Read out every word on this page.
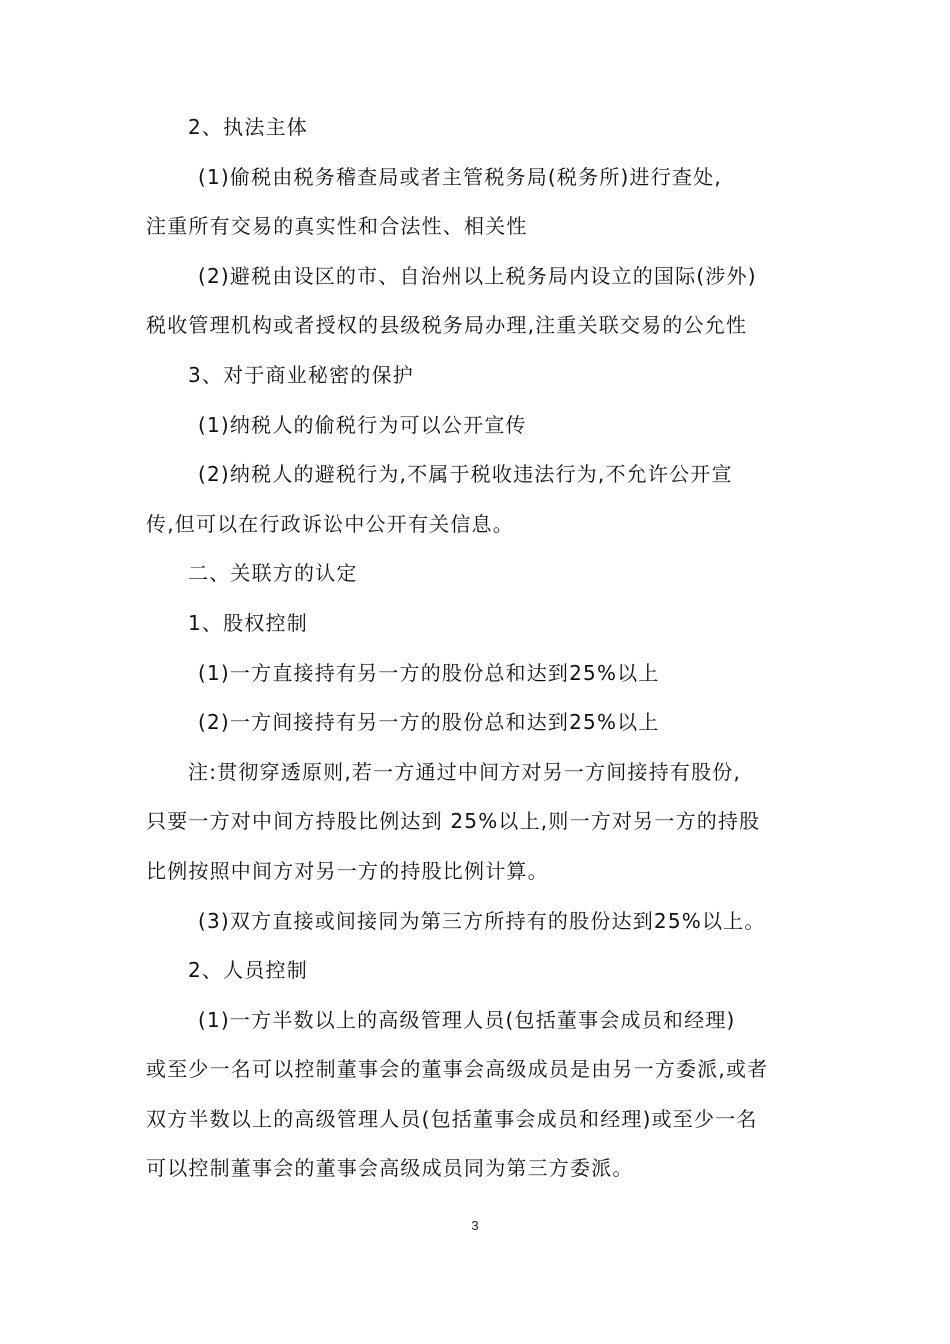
2、执法主体
(1)偷税由税务稽查局或者主管税务局(税务所)进行查处,
注重所有交易的真实性和合法性、相关性
(2)避税由设区的市、自治州以上税务局内设立的国际(涉外)
税收管理机构或者授权的县级税务局办理,注重关联交易的公允性
3、对于商业秘密的保护
(1)纳税人的偷税行为可以公开宣传
(2)纳税人的避税行为,不属于税收违法行为,不允许公开宣
传,但可以在行政诉讼中公开有关信息。
二、关联方的认定
1、股权控制
(1)一方直接持有另一方的股份总和达到25%以上
(2)一方间接持有另一方的股份总和达到25%以上
注:贯彻穿透原则,若一方通过中间方对另一方间接持有股份,
只要一方对中间方持股比例达到 25%以上,则一方对另一方的持股
比例按照中间方对另一方的持股比例计算。
(3)双方直接或间接同为第三方所持有的股份达到25%以上。
2、人员控制
(1)一方半数以上的高级管理人员(包括董事会成员和经理)
或至少一名可以控制董事会的董事会高级成员是由另一方委派,或者
双方半数以上的高级管理人员(包括董事会成员和经理)或至少一名
可以控制董事会的董事会高级成员同为第三方委派。
3
